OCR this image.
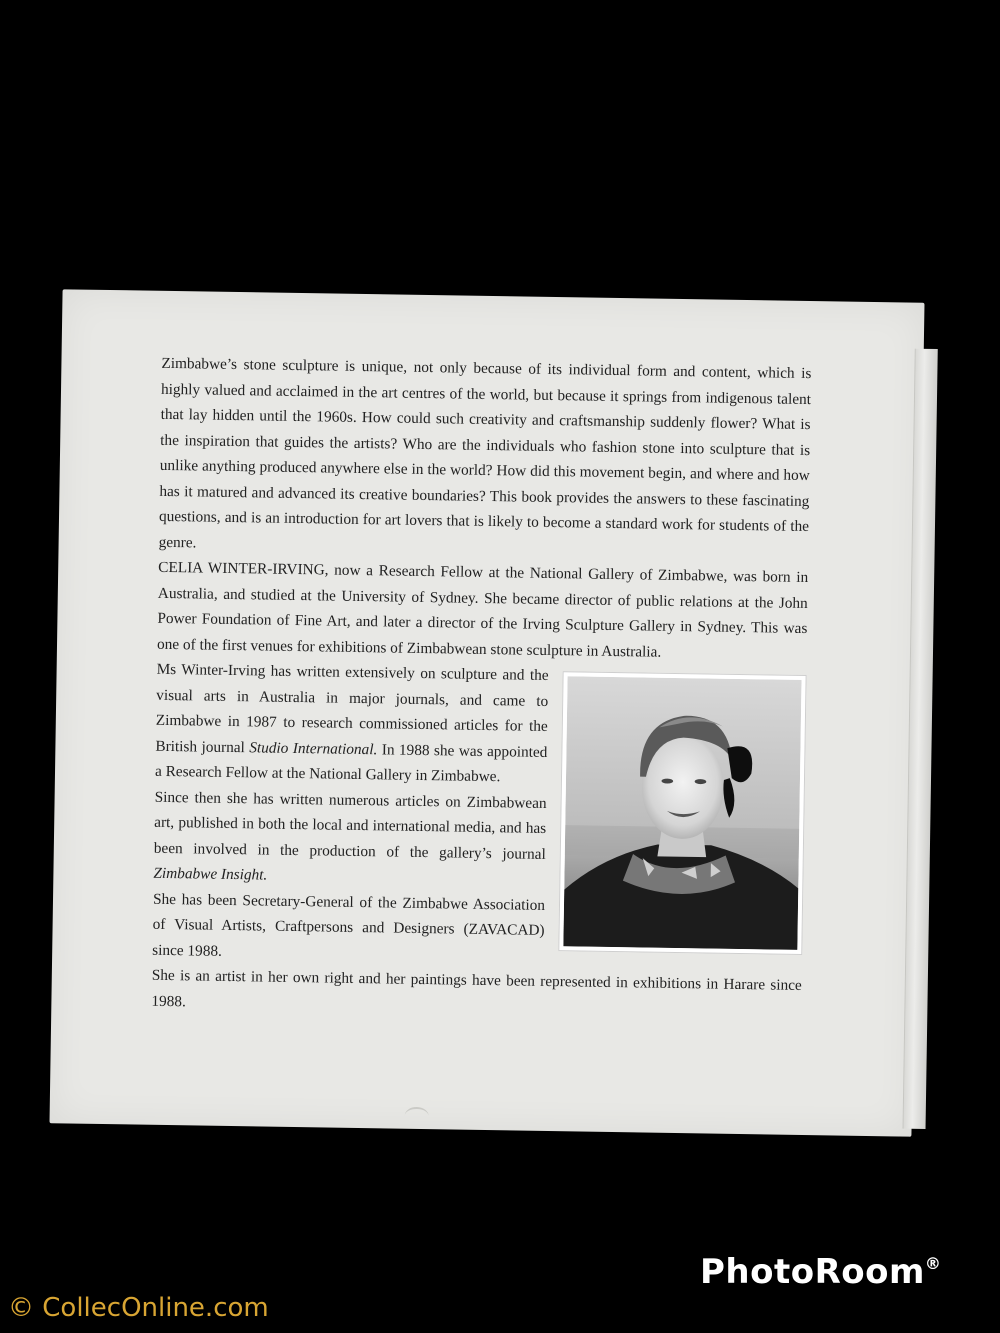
Zimbabwe’s stone sculpture is unique, not only because of its individual form and content, which is highly valued and acclaimed in the art centres of the world, but because it springs from indigenous talent that lay hidden until the 1960s. How could such creativity and craftsmanship suddenly flower? What is the inspiration that guides the artists? Who are the individuals who fashion stone into sculpture that is unlike anything produced anywhere else in the world? How did this movement begin, and where and how has it matured and advanced its creative boundaries? This book provides the answers to these fascinating questions, and is an introduction for art lovers that is likely to become a standard work for students of the genre.

CELIA WINTER-IRVING, now a Research Fellow at the National Gallery of Zimbabwe, was born in Australia, and studied at the University of Sydney. She became director of public relations at the John Power Foundation of Fine Art, and later a director of the Irving Sculpture Gallery in Sydney. This was one of the first venues for exhibitions of Zimbabwean stone sculpture in Australia.

Ms Winter-Irving has written extensively on sculpture and the visual arts in Australia in major journals, and came to Zimbabwe in 1987 to research commissioned articles for the British journal Studio International. In 1988 she was appointed a Research Fellow at the National Gallery in Zimbabwe.

Since then she has written numerous articles on Zimbabwean art, published in both the local and international media, and has been involved in the production of the gallery’s journal Zimbabwe Insight.

She has been Secretary-General of the Zimbabwe Association of Visual Artists, Craftpersons and Designers (ZAVACAD) since 1988.

She is an artist in her own right and her paintings have been represented in exhibitions in Harare since 1988.

PhotoRoom®
© CollecOnline.com
